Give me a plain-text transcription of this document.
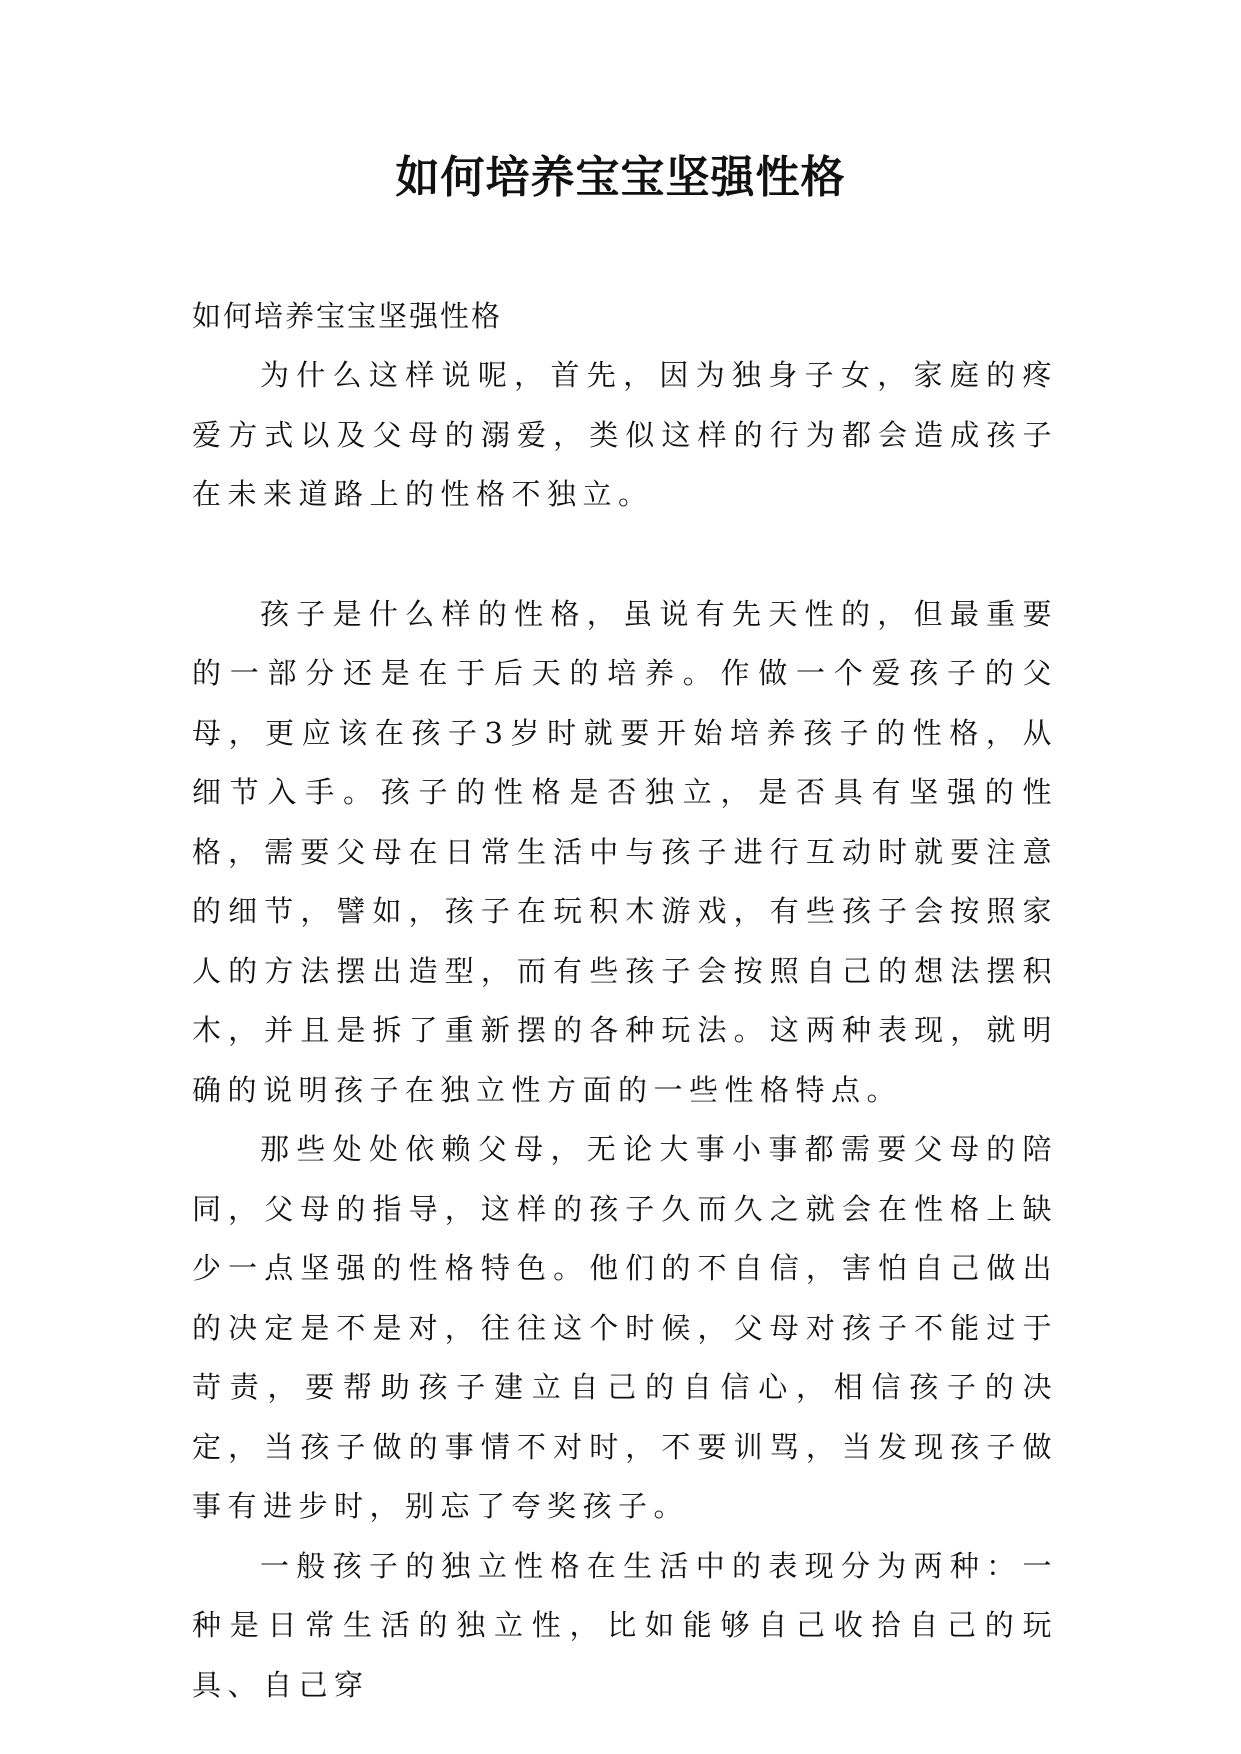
如何培养宝宝坚强性格

如何培养宝宝坚强性格

为什么这样说呢，首先，因为独身子女，家庭的疼爱方式以及父母的溺爱，类似这样的行为都会造成孩子在未来道路上的性格不独立。

孩子是什么样的性格，虽说有先天性的，但最重要的一部分还是在于后天的培养。作做一个爱孩子的父母，更应该在孩子3岁时就要开始培养孩子的性格，从细节入手。孩子的性格是否独立，是否具有坚强的性格，需要父母在日常生活中与孩子进行互动时就要注意的细节，譬如，孩子在玩积木游戏，有些孩子会按照家人的方法摆出造型，而有些孩子会按照自己的想法摆积木，并且是拆了重新摆的各种玩法。这两种表现，就明确的说明孩子在独立性方面的一些性格特点。

那些处处依赖父母，无论大事小事都需要父母的陪同，父母的指导，这样的孩子久而久之就会在性格上缺少一点坚强的性格特色。他们的不自信，害怕自己做出的决定是不是对，往往这个时候，父母对孩子不能过于苛责，要帮助孩子建立自己的自信心，相信孩子的决定，当孩子做的事情不对时，不要训骂，当发现孩子做事有进步时，别忘了夸奖孩子。

一般孩子的独立性格在生活中的表现分为两种：一种是日常生活的独立性，比如能够自己收拾自己的玩具、自己穿
